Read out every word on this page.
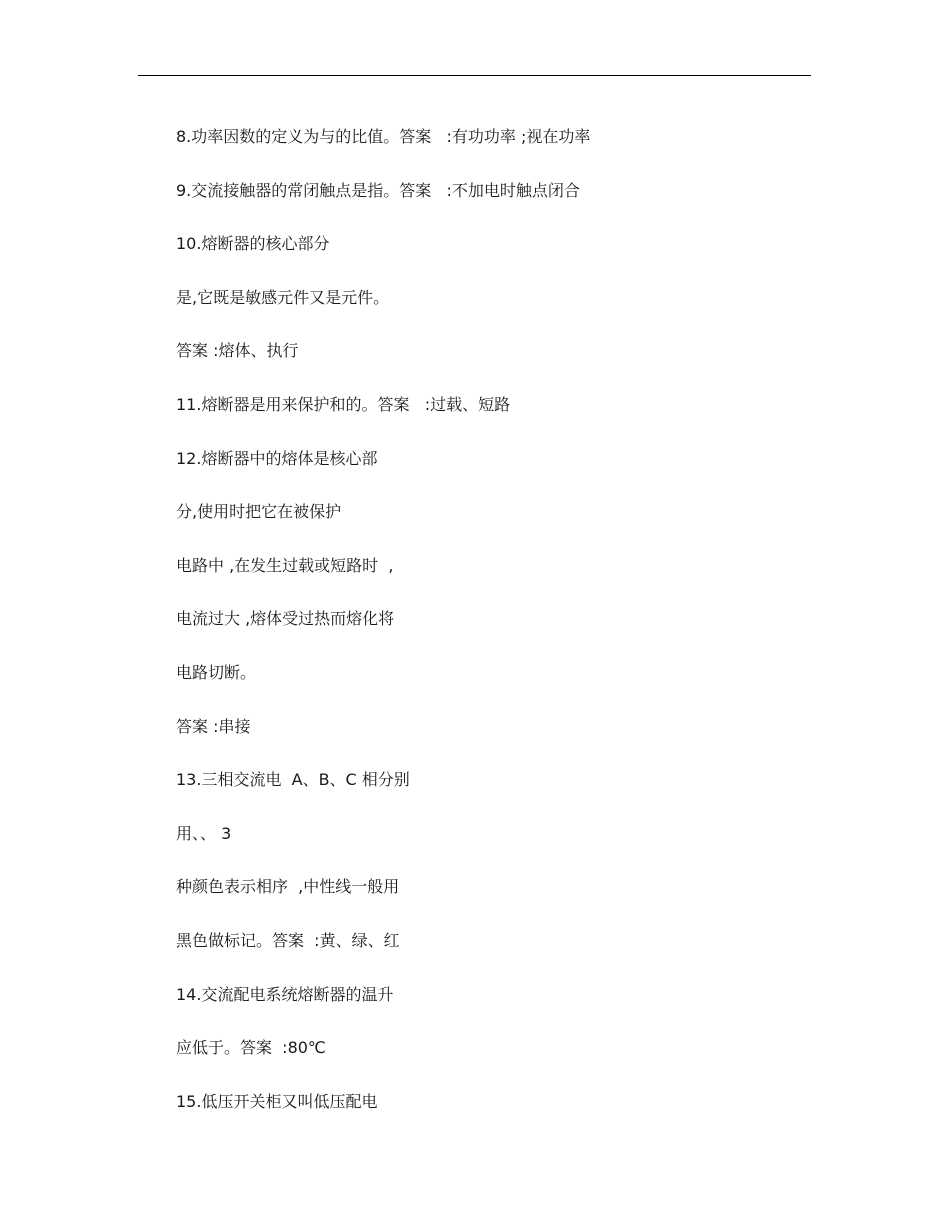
8.功率因数的定义为与的比值。答案   :有功功率 ;视在功率
9.交流接触器的常闭触点是指。答案   :不加电时触点闭合
10.熔断器的核心部分
是,它既是敏感元件又是元件。
答案 :熔体、执行
11.熔断器是用来保护和的。答案   :过载、短路
12.熔断器中的熔体是核心部
分,使用时把它在被保护
电路中 ,在发生过载或短路时  ,
电流过大 ,熔体受过热而熔化将
电路切断。
答案 :串接
13.三相交流电  A、B、C 相分别
用、、 3
种颜色表示相序  ,中性线一般用
黑色做标记。答案  :黄、绿、红
14.交流配电系统熔断器的温升
应低于。答案  :80℃
15.低压开关柜又叫低压配电
